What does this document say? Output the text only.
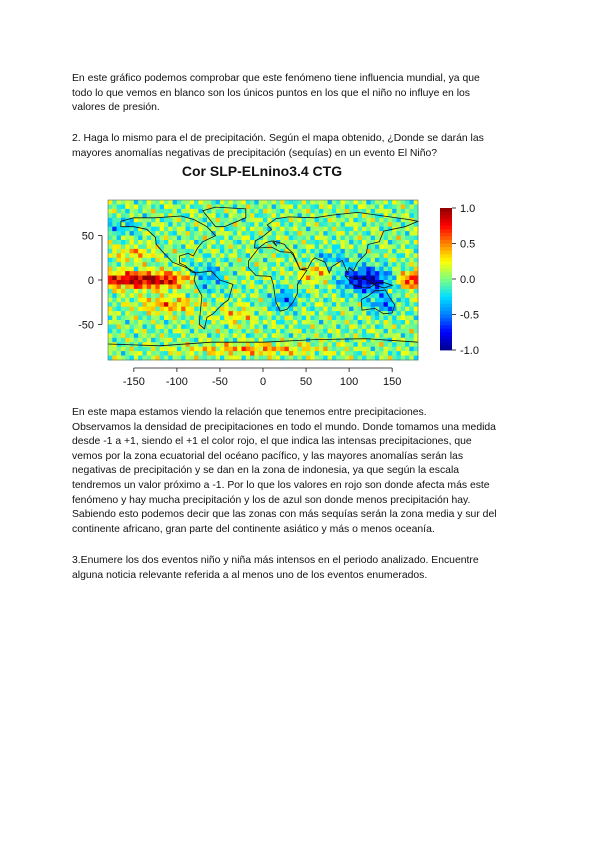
En este gráfico podemos comprobar que este fenómeno tiene influencia mundial, ya que
todo lo que vemos en blanco son los únicos puntos en los que el niño no influye en los
valores de presión.
2. Haga lo mismo para el de precipitación. Según el mapa obtenido, ¿Donde se darán las
mayores anomalías negativas de precipitación (sequías) en un evento El Niño?
Cor SLP-ELnino3.4 CTG
50
0
-50
-150 -100 -50	0	50	100 150
1.0
0.5
0.0
-0.5
-1.0
En este mapa estamos viendo la relación que tenemos entre precipitaciones.
Observamos la densidad de precipitaciones en todo el mundo. Donde tomamos una medida
desde -1 a +1, siendo el +1 el color rojo, el que indica las intensas precipitaciones, que
vemos por la zona ecuatorial del océano pacífico, y las mayores anomalías serán las
negativas de precipitación y se dan en la zona de indonesia, ya que según la escala
tendremos un valor próximo a -1. Por lo que los valores en rojo son donde afecta más este
fenómeno y hay mucha precipitación y los de azul son donde menos precipitación hay.
Sabiendo esto podemos decir que las zonas con más sequías serán la zona media y sur del
continente africano, gran parte del continente asiático y más o menos oceanía.
3.Enumere los dos eventos niño y niña más intensos en el periodo analizado. Encuentre
alguna noticia relevante referida a al menos uno de los eventos enumerados.
